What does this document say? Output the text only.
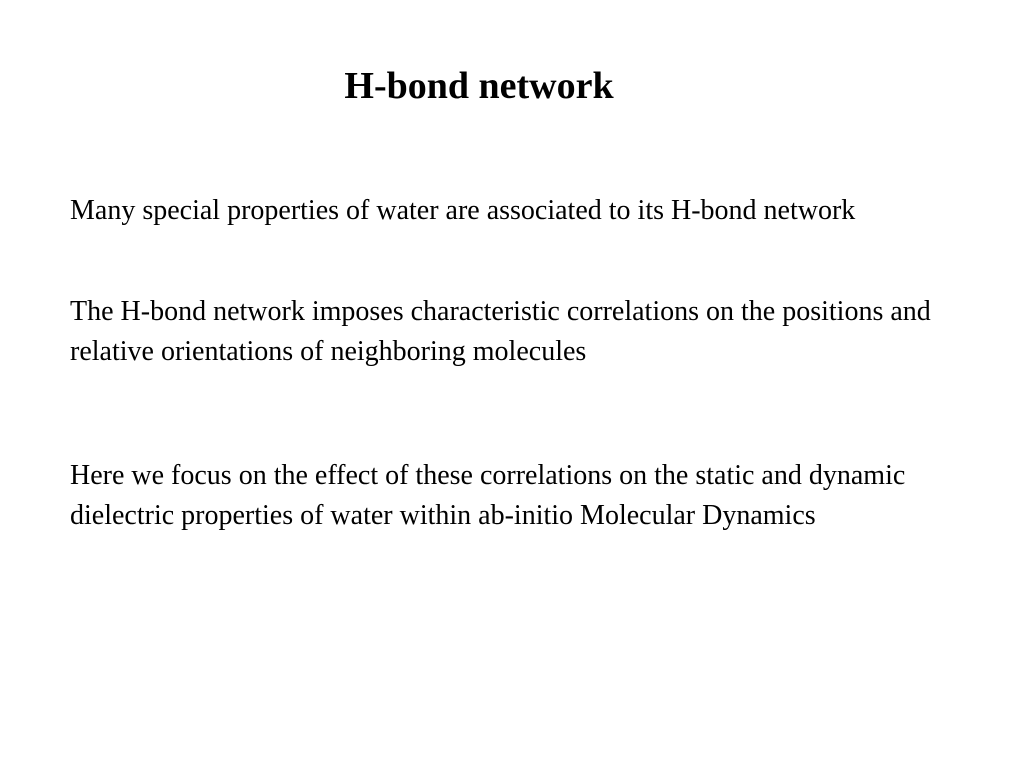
H-bond network

Many special properties of water are associated to its H-bond network

The H-bond network imposes characteristic correlations on the positions and relative orientations of neighboring molecules

Here we focus on the effect of these correlations on the static and dynamic dielectric properties of water within ab-initio Molecular Dynamics
